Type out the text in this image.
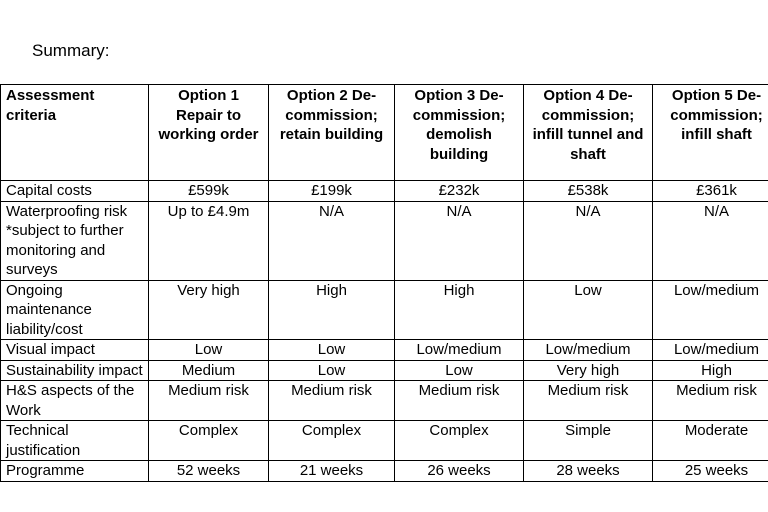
Summary:
Assessment criteria	Option 1 Repair to working order	Option 2 De-commission; retain building	Option 3 De-commission; demolish building	Option 4 De-commission; infill tunnel and shaft	Option 5 De-commission; infill shaft
Capital costs	£599k	£199k	£232k	£538k	£361k
Waterproofing risk *subject to further monitoring and surveys	Up to £4.9m	N/A	N/A	N/A	N/A
Ongoing maintenance liability/cost	Very high	High	High	Low	Low/medium
Visual impact	Low	Low	Low/medium	Low/medium	Low/medium
Sustainability impact	Medium	Low	Low	Very high	High
H&S aspects of the Work	Medium risk	Medium risk	Medium risk	Medium risk	Medium risk
Technical justification	Complex	Complex	Complex	Simple	Moderate
Programme	52 weeks	21 weeks	26 weeks	28 weeks	25 weeks
